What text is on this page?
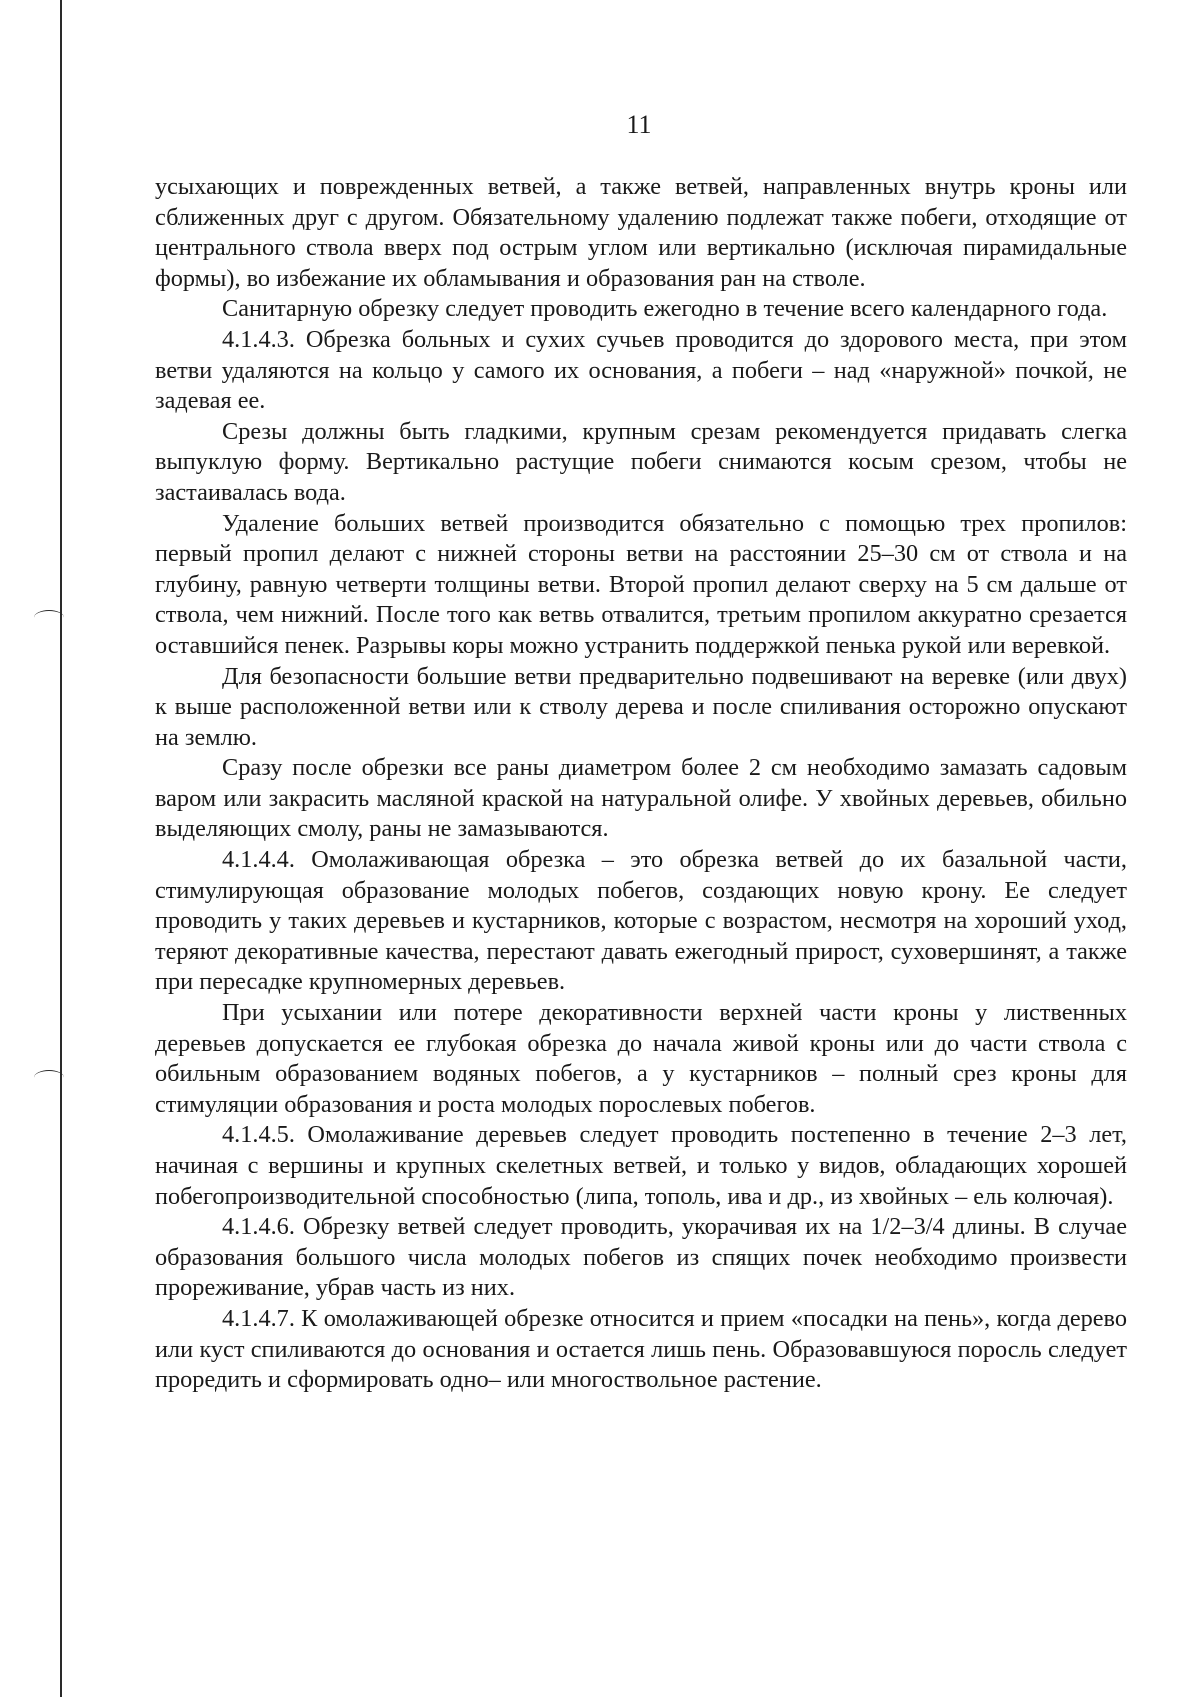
11

усыхающих и поврежденных ветвей, а также ветвей, направленных внутрь кроны или сближенных друг с другом. Обязательному удалению подлежат также побеги, отходящие от центрального ствола вверх под острым углом или вертикально (исключая пирамидальные формы), во избежание их обламывания и образования ран на стволе.

Санитарную обрезку следует проводить ежегодно в течение всего календарного года.

4.1.4.3. Обрезка больных и сухих сучьев проводится до здорового места, при этом ветви удаляются на кольцо у самого их основания, а побеги – над «наружной» почкой, не задевая ее.

Срезы должны быть гладкими, крупным срезам рекомендуется придавать слегка выпуклую форму. Вертикально растущие побеги снимаются косым срезом, чтобы не застаивалась вода.

Удаление больших ветвей производится обязательно с помощью трех пропилов: первый пропил делают с нижней стороны ветви на расстоянии 25–30 см от ствола и на глубину, равную четверти толщины ветви. Второй пропил делают сверху на 5 см дальше от ствола, чем нижний. После того как ветвь отвалится, третьим пропилом аккуратно срезается оставшийся пенек. Разрывы коры можно устранить поддержкой пенька рукой или веревкой.

Для безопасности большие ветви предварительно подвешивают на веревке (или двух) к выше расположенной ветви или к стволу дерева и после спиливания осторожно опускают на землю.

Сразу после обрезки все раны диаметром более 2 см необходимо замазать садовым варом или закрасить масляной краской на натуральной олифе. У хвойных деревьев, обильно выделяющих смолу, раны не замазываются.

4.1.4.4. Омолаживающая обрезка – это обрезка ветвей до их базальной части, стимулирующая образование молодых побегов, создающих новую крону. Ее следует проводить у таких деревьев и кустарников, которые с возрастом, несмотря на хороший уход, теряют декоративные качества, перестают давать ежегодный прирост, суховершинят, а также при пересадке крупномерных деревьев.

При усыхании или потере декоративности верхней части кроны у лиственных деревьев допускается ее глубокая обрезка до начала живой кроны или до части ствола с обильным образованием водяных побегов, а у кустарников – полный срез кроны для стимуляции образования и роста молодых порослевых побегов.

4.1.4.5. Омолаживание деревьев следует проводить постепенно в течение 2–3 лет, начиная с вершины и крупных скелетных ветвей, и только у видов, обладающих хорошей побегопроизводительной способностью (липа, тополь, ива и др., из хвойных – ель колючая).

4.1.4.6. Обрезку ветвей следует проводить, укорачивая их на 1/2–3/4 длины. В случае образования большого числа молодых побегов из спящих почек необходимо произвести прореживание, убрав часть из них.

4.1.4.7. К омолаживающей обрезке относится и прием «посадки на пень», когда дерево или куст спиливаются до основания и остается лишь пень. Образовавшуюся поросль следует проредить и сформировать одно– или многоствольное растение.
